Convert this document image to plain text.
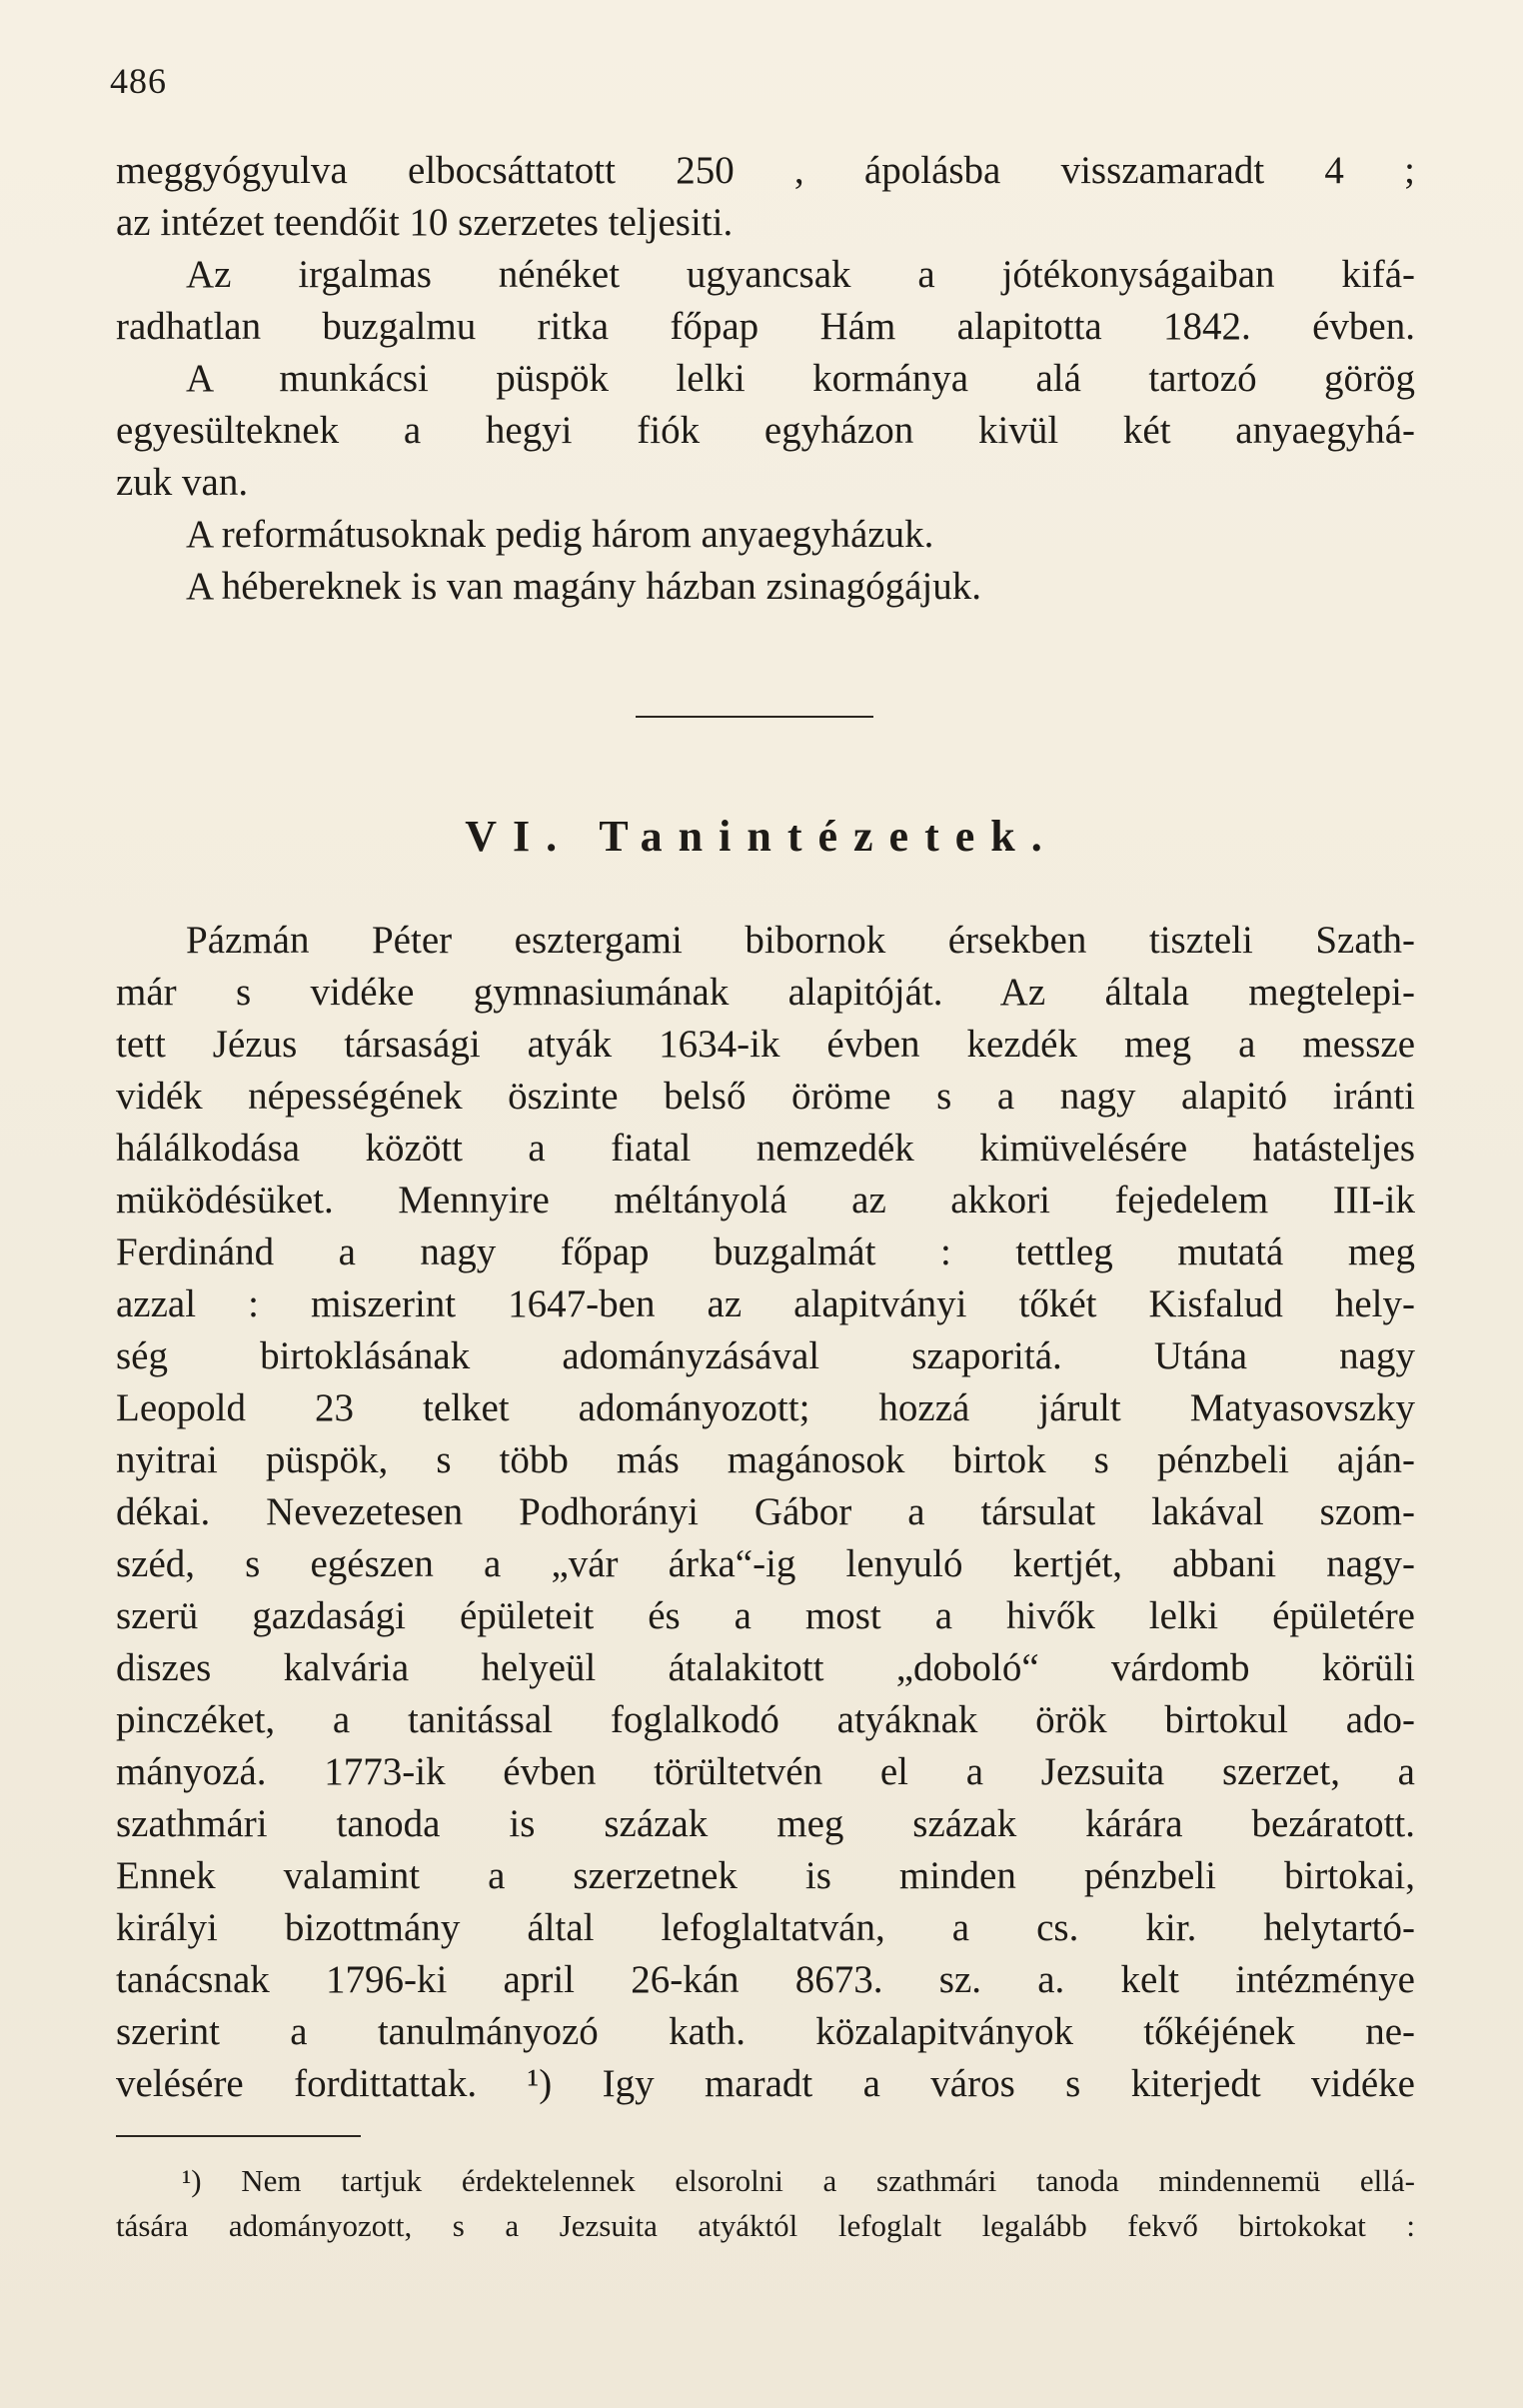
486
meggyógyulva elbocsáttatott 250 , ápolásba visszamaradt 4 ;
az intézet teendőit 10 szerzetes teljesiti.
Az irgalmas nénéket ugyancsak a jótékonyságaiban kifá-
radhatlan buzgalmu ritka főpap Hám alapitotta 1842. évben.
A munkácsi püspök lelki kormánya alá tartozó görög
egyesülteknek a hegyi fiók egyházon kivül két anyaegyhá-
zuk van.
A reformátusoknak pedig három anyaegyházuk.
A hébereknek is van magány házban zsinagógájuk.
VI. Tanintézetek.
Pázmán Péter esztergami bibornok érsekben tiszteli Szath-
már s vidéke gymnasiumának alapitóját. Az általa megtelepi-
tett Jézus társasági atyák 1634-ik évben kezdék meg a messze
vidék népességének öszinte belső öröme s a nagy alapitó iránti
hálálkodása között a fiatal nemzedék kimüvelésére hatásteljes
müködésüket. Mennyire méltányolá az akkori fejedelem III-ik
Ferdinánd a nagy főpap buzgalmát : tettleg mutatá meg
azzal : miszerint 1647-ben az alapitványi tőkét Kisfalud hely-
ség birtoklásának adományzásával szaporitá. Utána nagy
Leopold 23 telket adományozott; hozzá járult Matyasovszky
nyitrai püspök, s több más magánosok birtok s pénzbeli aján-
dékai. Nevezetesen Podhorányi Gábor a társulat lakával szom-
széd, s egészen a „vár árka“-ig lenyuló kertjét, abbani nagy-
szerü gazdasági épületeit és a most a hivők lelki épületére
diszes kalvária helyeül átalakitott „doboló“ várdomb körüli
pinczéket, a tanitással foglalkodó atyáknak örök birtokul ado-
mányozá. 1773-ik évben törültetvén el a Jezsuita szerzet, a
szathmári tanoda is százak meg százak kárára bezáratott.
Ennek valamint a szerzetnek is minden pénzbeli birtokai,
királyi bizottmány által lefoglaltatván, a cs. kir. helytartó-
tanácsnak 1796-ki april 26-kán 8673. sz. a. kelt intézménye
szerint a tanulmányozó kath. közalapitványok tőkéjének ne-
velésére fordittattak. ¹) Igy maradt a város s kiterjedt vidéke
¹) Nem tartjuk érdektelennek elsorolni a szathmári tanoda mindennemü ellá-
tására adományozott, s a Jezsuita atyáktól lefoglalt legalább fekvő birtokokat :
